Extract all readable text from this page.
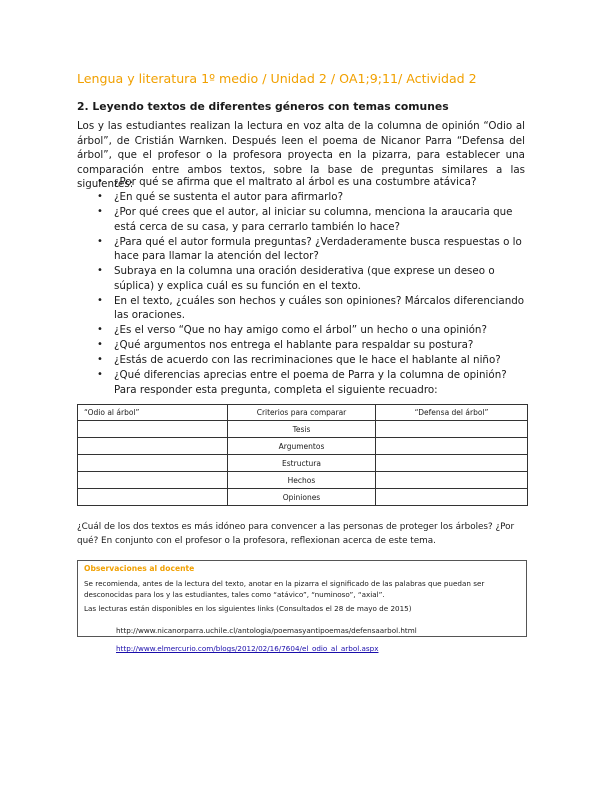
Lengua y literatura 1º medio / Unidad 2 / OA1;9;11/ Actividad 2
2. Leyendo textos de diferentes géneros con temas comunes

Los y las estudiantes realizan la lectura en voz alta de la columna de opinión “Odio al árbol”, de Cristián Warnken. Después leen el poema de Nicanor Parra “Defensa del árbol”, que el profesor o la profesora proyecta en la pizarra, para establecer una comparación entre ambos textos, sobre la base de preguntas similares a las siguientes:

• ¿Por qué se afirma que el maltrato al árbol es una costumbre atávica?
• ¿En qué se sustenta el autor para afirmarlo?
• ¿Por qué crees que el autor, al iniciar su columna, menciona la araucaria que está cerca de su casa, y para cerrarlo también lo hace?
• ¿Para qué el autor formula preguntas? ¿Verdaderamente busca respuestas o lo hace para llamar la atención del lector?
• Subraya en la columna una oración desiderativa (que exprese un deseo o súplica) y explica cuál es su función en el texto.
• En el texto, ¿cuáles son hechos y cuáles son opiniones? Márcalos diferenciando las oraciones.
• ¿Es el verso “Que no hay amigo como el árbol” un hecho o una opinión?
• ¿Qué argumentos nos entrega el hablante para respaldar su postura?
• ¿Estás de acuerdo con las recriminaciones que le hace el hablante al niño?
• ¿Qué diferencias aprecias entre el poema de Parra y la columna de opinión? Para responder esta pregunta, completa el siguiente recuadro:
“Odio al árbol”	Criterios para comparar	“Defensa del árbol”
	Tesis	
	Argumentos	
	Estructura	
	Hechos	
	Opiniones	

¿Cuál de los dos textos es más idóneo para convencer a las personas de proteger los árboles? ¿Por qué? En conjunto con el profesor o la profesora, reflexionan acerca de este tema.

Observaciones al docente

Se recomienda, antes de la lectura del texto, anotar en la pizarra el significado de las palabras que puedan ser desconocidas para los y las estudiantes, tales como “atávico”, “numinoso”, “axial”.

Las lecturas están disponibles en los siguientes links (Consultados el 28 de mayo de 2015)

http://www.nicanorparra.uchile.cl/antologia/poemasyantipoemas/defensaarbol.html
http://www.elmercurio.com/blogs/2012/02/16/7604/el_odio_al_arbol.aspx
